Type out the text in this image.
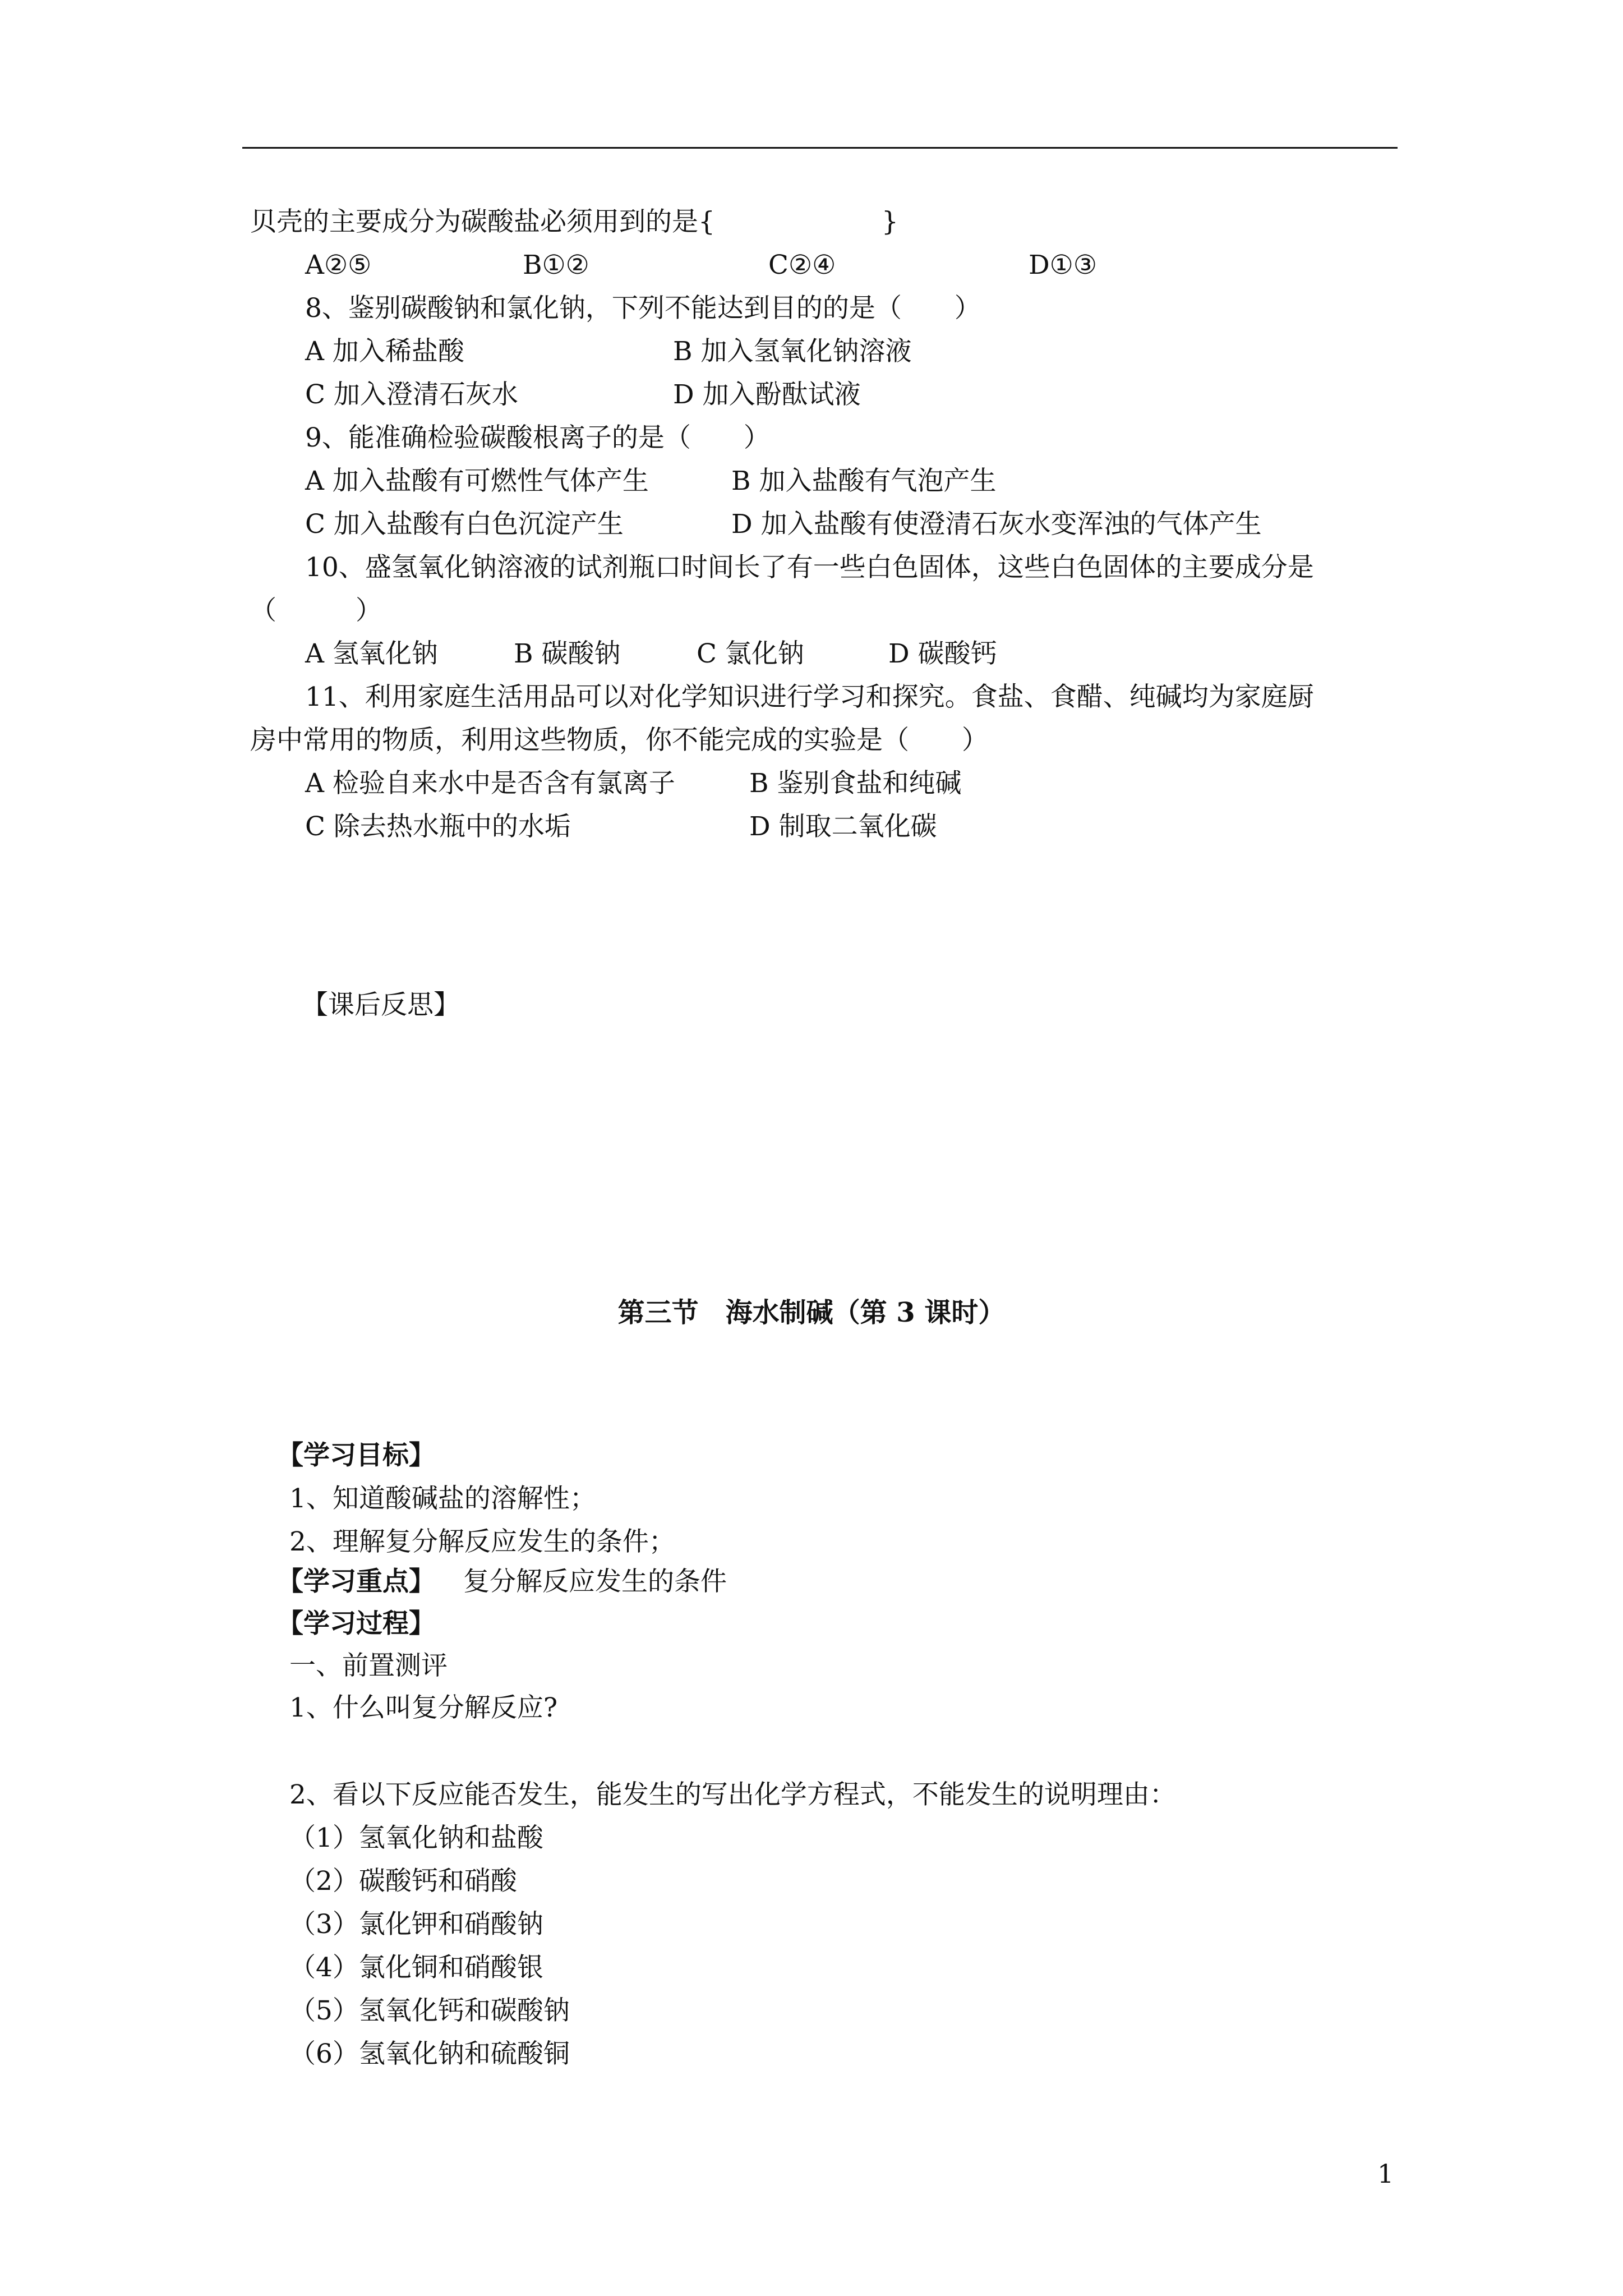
贝壳的主要成分为碳酸盐必须用到的是{

	}

A②⑤

	B①②

	C②④

	D①③

8、鉴别碳酸钠和氯化钠，下列不能达到目的的是（　　）

A 加入稀盐酸

	B 加入氢氧化钠溶液

C 加入澄清石灰水

	D 加入酚酞试液

9、能准确检验碳酸根离子的是（　　）

A 加入盐酸有可燃性气体产生

	B 加入盐酸有气泡产生

C 加入盐酸有白色沉淀产生

	D 加入盐酸有使澄清石灰水变浑浊的气体产生

10、盛氢氧化钠溶液的试剂瓶口时间长了有一些白色固体，这些白色固体的主要成分是
（　　　）

A 氢氧化钠

	B 碳酸钠

	C 氯化钠

	D 碳酸钙

11、利用家庭生活用品可以对化学知识进行学习和探究。食盐、食醋、纯碱均为家庭厨
房中常用的物质，利用这些物质，你不能完成的实验是（　　）

A 检验自来水中是否含有氯离子

	B 鉴别食盐和纯碱

C 除去热水瓶中的水垢

	D 制取二氧化碳

【课后反思】
第三节　海水制碱（第 3 课时）
【学习目标】
1、知道酸碱盐的溶解性；
2、理解复分解反应发生的条件；

【学习重点】

复分解反应发生的条件

【学习过程】
一、前置测评
1、什么叫复分解反应?
2、看以下反应能否发生，能发生的写出化学方程式，不能发生的说明理由：
（1）氢氧化钠和盐酸
（2）碳酸钙和硝酸
（3）氯化钾和硝酸钠
（4）氯化铜和硝酸银
（5）氢氧化钙和碳酸钠
（6）氢氧化钠和硫酸铜
1
